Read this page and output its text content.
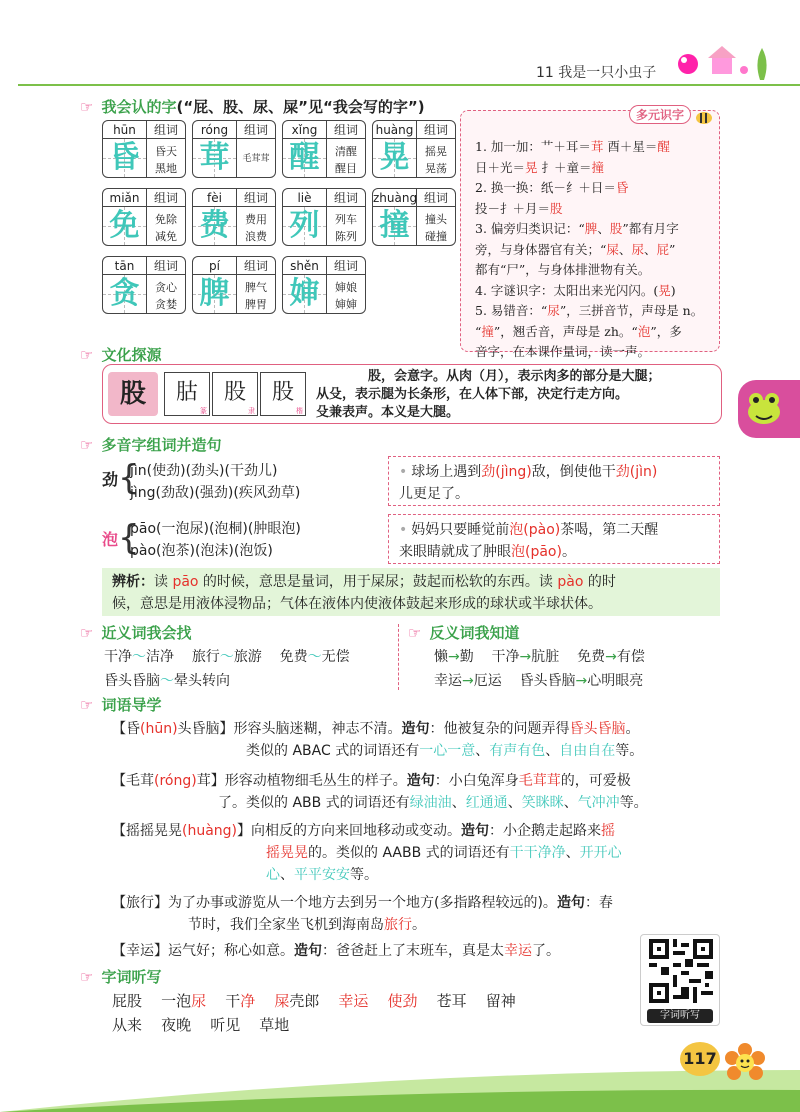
11 我是一只小虫子
☞ 我会认的字 (“屁、股、尿、屎”见“我会写的字”)
hūn	组词
昏	昏天
黑地
róng	组词
茸	毛茸茸
xǐng	组词
醒	清醒
醒目
huàng 组词
晃	摇晃
晃荡
miǎn	组词
免	免除
减免
fèi	组词
费	费用
浪费
liè	组词
列	列车
陈列
zhuàng 组词
撞	撞头
碰撞
tān	组词
贪	贪心
贪婪
pí	组词
脾	脾气
脾胃
shěn	组词
婶	婶娘
婶婶
多元识字
1. 加一加：艹＋耳＝茸 酉＋星＝醒
日＋光＝晃 扌＋童＝撞
2. 换一换：纸－纟＋日＝昏
投－扌＋月＝股
3. 偏旁归类识记：“脾、股”都有月字
旁，与身体器官有关；“屎、尿、屁”
都有“尸”，与身体排泄物有关。
4. 字谜识字：太阳出来光闪闪。(晃)
5. 易错音：“尿”，三拼音节，声母是 n。
“撞”，翘舌音，声母是 zh。“泡”，多
音字，在本课作量词，读一声。
☞ 文化探源
股	𦙶
篆
股
隶
股
楷
股，会意字。从肉（月），表示肉多的部分是大腿；
从殳，表示腿为长条形，在人体下部，决定行走方向。
殳兼表声。本义是大腿。
☞ 多音字组词并造句
劲 {
jìn(使劲)(劲头)(干劲儿)
jìng(劲敌)(强劲)(疾风劲草)
• 球场上遇到劲(jìng)敌，倒使他干劲(jìn)
儿更足了。
泡 {
pāo(一泡尿)(泡桐)(肿眼泡)
pào(泡茶)(泡沫)(泡饭)
• 妈妈只要睡觉前泡(pào)茶喝，第二天醒
来眼睛就成了肿眼泡(pāo)。
辨析：读 pāo 的时候，意思是量词，用于屎尿；鼓起而松软的东西。读 pào 的时
候，意思是用液体浸物品；气体在液体内使液体鼓起来形成的球状或半球状体。
☞ 近义词我会找	☞ 反义词我知道
干净～洁净 旅行～旅游 免费～无偿
昏头昏脑～晕头转向
懒→勤 干净→肮脏 免费→有偿
幸运→厄运 昏头昏脑→心明眼亮
☞ 词语导学
【昏(hūn)头昏脑】形容头脑迷糊，神志不清。造句：他被复杂的问题弄得昏头昏脑。
类似的 ABAC 式的词语还有一心一意、有声有色、自由自在等。
【毛茸(róng)茸】形容动植物细毛丛生的样子。造句：小白兔浑身毛茸茸的，可爱极
了。类似的 ABB 式的词语还有绿油油、红通通、笑眯眯、气冲冲等。
【摇摇晃晃(huàng)】向相反的方向来回地移动或变动。造句：小企鹅走起路来摇
摇晃晃的。类似的 AABB 式的词语还有干干净净、开开心
心、平平安安等。
【旅行】为了办事或游览从一个地方去到另一个地方(多指路程较远的)。造句：春
节时，我们全家坐飞机到海南岛旅行。
【幸运】运气好；称心如意。造句：爸爸赶上了末班车，真是太幸运了。
☞ 字词听写
屁股 一泡尿 干净 屎壳郎 幸运 使劲 苍耳 留神
从来 夜晚 听见 草地
字词听写
117
